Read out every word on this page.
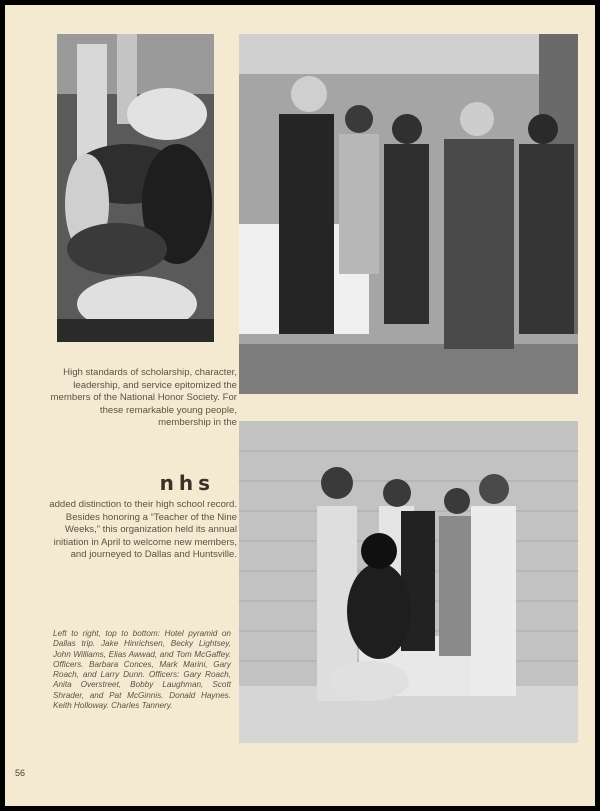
High standards of scholarship, character, leadership, and service epitomized the members of the National Honor Society. For these remarkable young people, membership in the
nhs
added distinction to their high school record. Besides honoring a “Teacher of the Nine Weeks,” this organization held its annual initiation in April to welcome new members, and journeyed to Dallas and Huntsville.
Left to right, top to bottom: Hotel pyramid on Dallas trip. Jake Hinrichsen, Becky Lightsey, John Williams, Elias Awwad, and Tom McGaffey. Officers. Barbara Conces, Mark Marini, Gary Roach, and Larry Dunn. Officers: Gary Roach, Anita Overstreet, Bobby Laughman, Scott Shrader, and Pat McGinnis. Donald Haynes. Keith Holloway. Charles Tannery.
56
